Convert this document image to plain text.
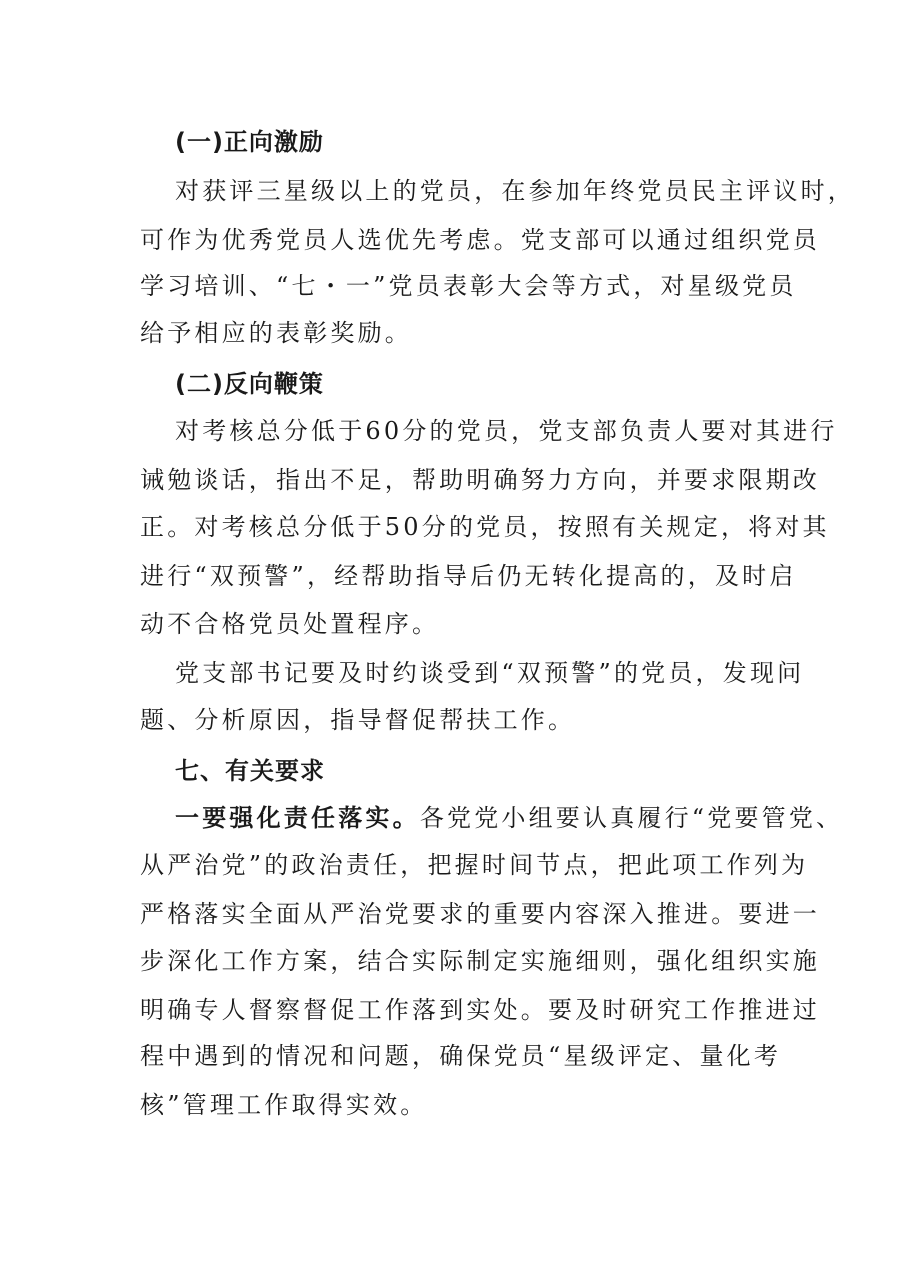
(一)正向激励
对获评三星级以上的党员，在参加年终党员民主评议时，
可作为优秀党员人选优先考虑。党支部可以通过组织党员
学习培训、“七・一”党员表彰大会等方式，对星级党员
给予相应的表彰奖励。
(二)反向鞭策
对考核总分低于60分的党员，党支部负责人要对其进行
诫勉谈话，指出不足，帮助明确努力方向，并要求限期改
正。对考核总分低于50分的党员，按照有关规定，将对其
进行“双预警”，经帮助指导后仍无转化提高的，及时启
动不合格党员处置程序。
党支部书记要及时约谈受到“双预警”的党员，发现问
题、分析原因，指导督促帮扶工作。
七、有关要求
一要强化责任落实。各党党小组要认真履行“党要管党、
从严治党”的政治责任，把握时间节点，把此项工作列为
严格落实全面从严治党要求的重要内容深入推进。要进一
步深化工作方案，结合实际制定实施细则，强化组织实施
明确专人督察督促工作落到实处。要及时研究工作推进过
程中遇到的情况和问题，确保党员“星级评定、量化考
核”管理工作取得实效。
